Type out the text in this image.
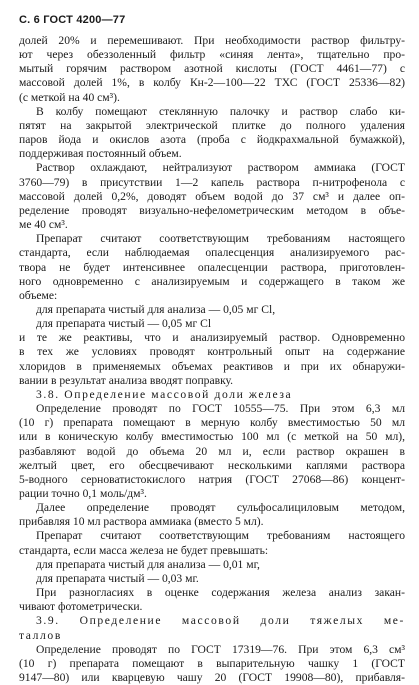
С. 6 ГОСТ 4200—77
долей 20% и перемешивают. При необходимости раствор фильтру-
ют через обеззоленный фильтр «синяя лента», тщательно про-
мытый горячим раствором азотной кислоты (ГОСТ 4461—77) с
массовой долей 1%, в колбу Кн-2—100—22 ТХС (ГОСТ 25336—82)
(с меткой на 40 см³).
В колбу помещают стеклянную палочку и раствор слабо ки-
пятят на закрытой электрической плитке до полного удаления
паров йода и окислов азота (проба с йодкрахмальной бумажкой),
поддерживая постоянный объем.
Раствор охлаждают, нейтрализуют раствором аммиака (ГОСТ
3760—79) в присутствии 1—2 капель раствора п-нитрофенола с
массовой долей 0,2%, доводят объем водой до 37 см³ и далее оп-
ределение проводят визуально-нефелометрическим методом в объе-
ме 40 см³.
Препарат считают соответствующим требованиям настоящего
стандарта, если наблюдаемая опалесценция анализируемого рас-
твора не будет интенсивнее опалесценции раствора, приготовлен-
ного одновременно с анализируемым и содержащего в таком же
объеме:
для препарата чистый для анализа — 0,05 мг Cl,
для препарата чистый — 0,05 мг Cl
и те же реактивы, что и анализируемый раствор. Одновременно
в тех же условиях проводят контрольный опыт на содержание
хлоридов в применяемых объемах реактивов и при их обнаружи-
вании в результат анализа вводят поправку.
3.8. Определение массовой доли железа
Определение проводят по ГОСТ 10555—75. При этом 6,3 мл
(10 г) препарата помещают в мерную колбу вместимостью 50 мл
или в коническую колбу вместимостью 100 мл (с меткой на 50 мл),
разбавляют водой до объема 20 мл и, если раствор окрашен в
желтый цвет, его обесцвечивают несколькими каплями раствора
5-водного серноватистокислого натрия (ГОСТ 27068—86) концент-
рации точно 0,1 моль/дм³.
Далее определение проводят сульфосалициловым методом,
прибавляя 10 мл раствора аммиака (вместо 5 мл).
Препарат считают соответствующим требованиям настоящего
стандарта, если масса железа не будет превышать:
для препарата чистый для анализа — 0,01 мг,
для препарата чистый — 0,03 мг.
При разногласиях в оценке содержания железа анализ закан-
чивают фотометрически.
3.9. Определение массовой доли тяжелых ме-
таллов
Определение проводят по ГОСТ 17319—76. При этом 6,3 см³
(10 г) препарата помещают в выпарительную чашку 1 (ГОСТ
9147—80) или кварцевую чашу 20 (ГОСТ 19908—80), прибавля-
